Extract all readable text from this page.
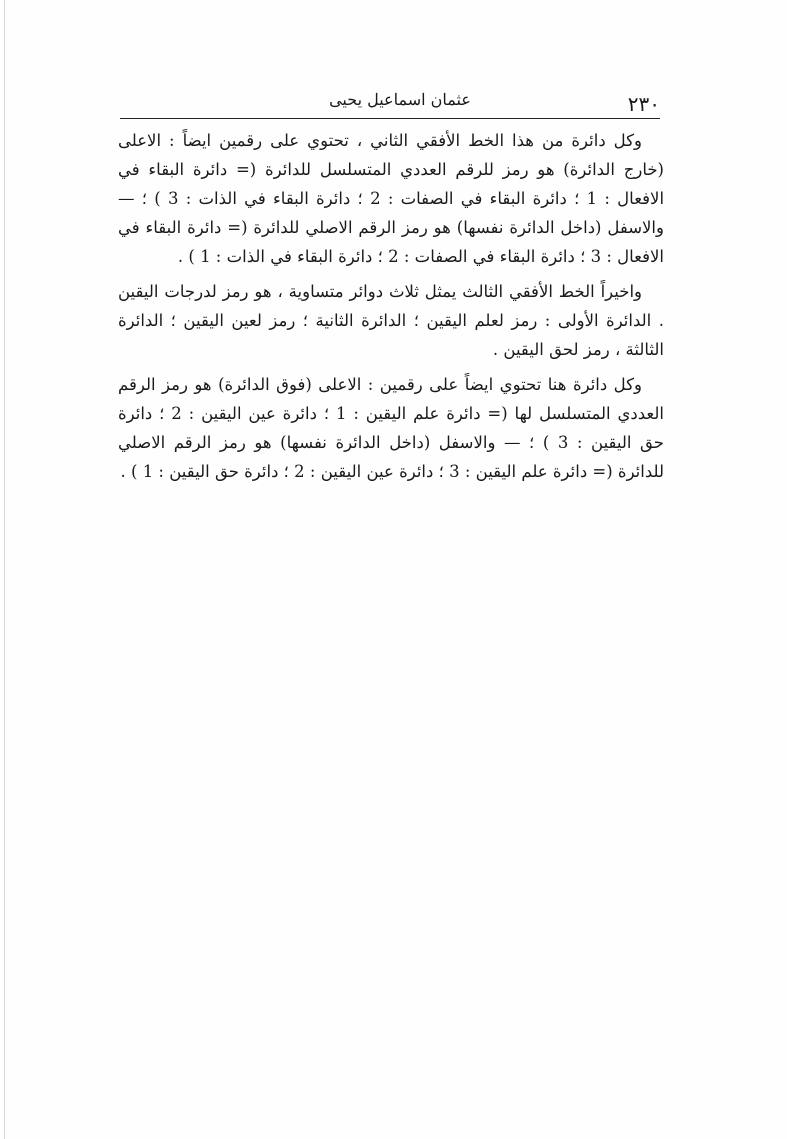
٢٣٠
عثمان اسماعيل يحيى

وكل دائرة من هذا الخط الأفقي الثاني ، تحتوي على رقمين ايضاً : الاعلى (خارج الدائرة) هو رمز للرقم العددي المتسلسل للدائرة (= دائرة البقاء في الافعال : 1 ؛ دائرة البقاء في الصفات : 2 ؛ دائرة البقاء في الذات : 3 ) ؛ — والاسفل (داخل الدائرة نفسها) هو رمز الرقم الاصلي للدائرة (= دائرة البقاء في الافعال : 3 ؛ دائرة البقاء في الصفات : 2 ؛ دائرة البقاء في الذات : 1 ) .

واخيراً الخط الأفقي الثالث يمثل ثلاث دوائر متساوية ، هو رمز لدرجات اليقين . الدائرة الأولى : رمز لعلم اليقين ؛ الدائرة الثانية ؛ رمز لعين اليقين ؛ الدائرة الثالثة ، رمز لحق اليقين .

وكل دائرة هنا تحتوي ايضاً على رقمين : الاعلى (فوق الدائرة) هو رمز الرقم العددي المتسلسل لها (= دائرة علم اليقين : 1 ؛ دائرة عين اليقين : 2 ؛ دائرة حق اليقين : 3 ) ؛ — والاسفل (داخل الدائرة نفسها) هو رمز الرقم الاصلي للدائرة (= دائرة علم اليقين : 3 ؛ دائرة عين اليقين : 2 ؛ دائرة حق اليقين : 1 ) .
